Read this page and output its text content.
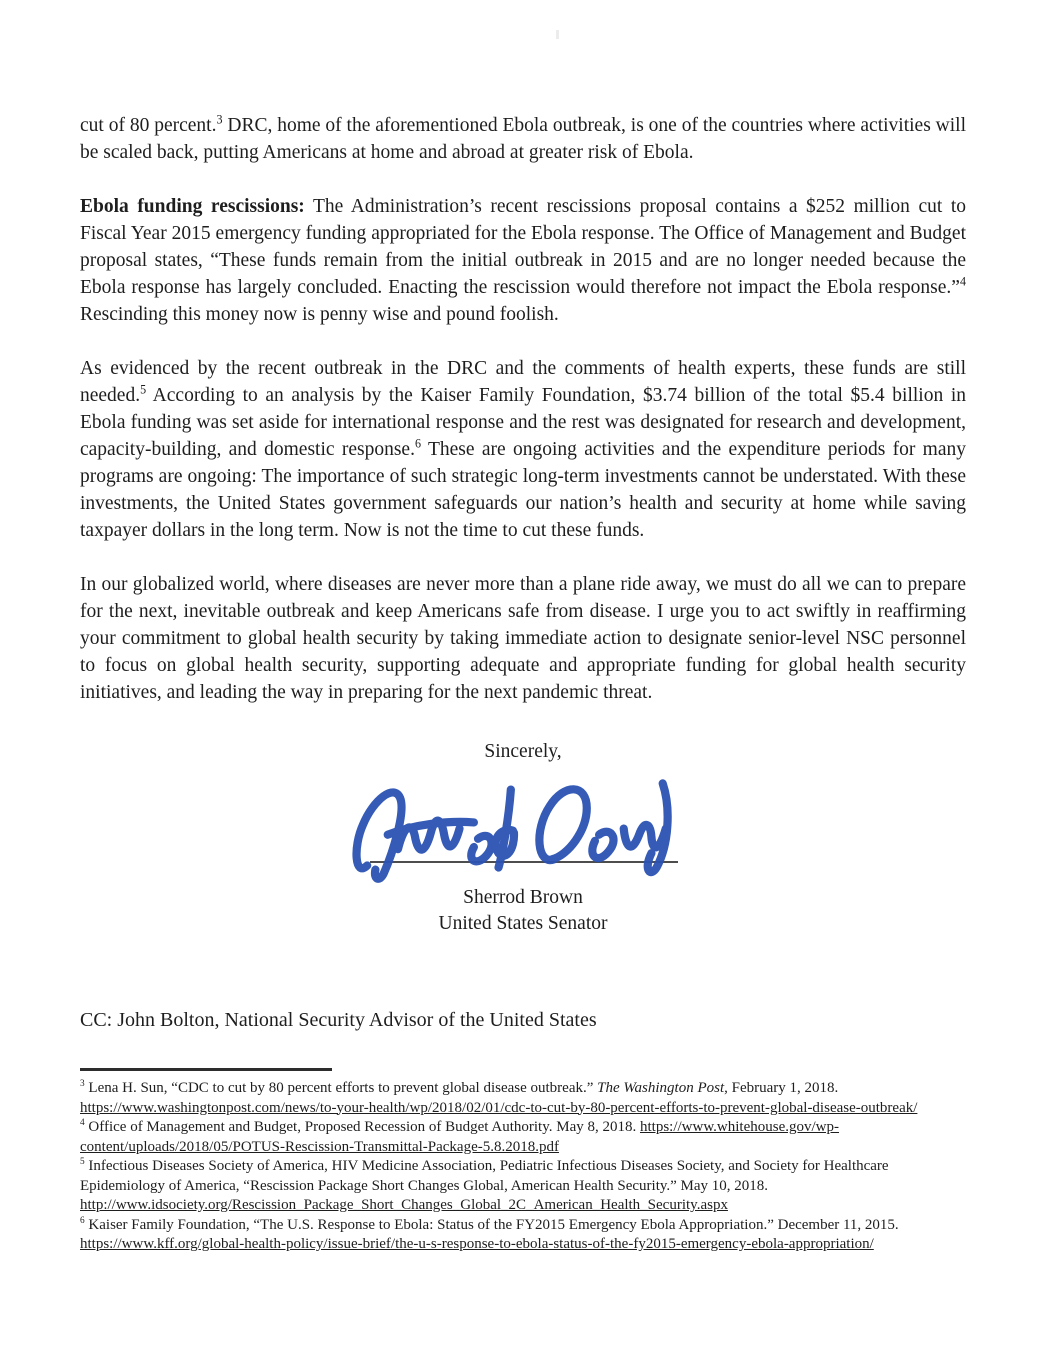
cut of 80 percent.$^3$ DRC, home of the aforementioned Ebola outbreak, is one of the countries where activities will be scaled back, putting Americans at home and abroad at greater risk of Ebola.

Ebola funding rescissions: The Administration’s recent rescissions proposal contains a $252 million cut to Fiscal Year 2015 emergency funding appropriated for the Ebola response. The Office of Management and Budget proposal states, “These funds remain from the initial outbreak in 2015 and are no longer needed because the Ebola response has largely concluded. Enacting the rescission would therefore not impact the Ebola response.”$^4$ Rescinding this money now is penny wise and pound foolish.

As evidenced by the recent outbreak in the DRC and the comments of health experts, these funds are still needed.$^5$ According to an analysis by the Kaiser Family Foundation, $3.74 billion of the total $5.4 billion in Ebola funding was set aside for international response and the rest was designated for research and development, capacity-building, and domestic response.$^6$ These are ongoing activities and the expenditure periods for many programs are ongoing: The importance of such strategic long-term investments cannot be understated. With these investments, the United States government safeguards our nation’s health and security at home while saving taxpayer dollars in the long term. Now is not the time to cut these funds.

In our globalized world, where diseases are never more than a plane ride away, we must do all we can to prepare for the next, inevitable outbreak and keep Americans safe from disease. I urge you to act swiftly in reaffirming your commitment to global health security by taking immediate action to designate senior-level NSC personnel to focus on global health security, supporting adequate and appropriate funding for global health security initiatives, and leading the way in preparing for the next pandemic threat.

Sincerely,
Sherrod Brown
United States Senator

CC: John Bolton, National Security Advisor of the United States

$^3$ Lena H. Sun, “CDC to cut by 80 percent efforts to prevent global disease outbreak.” The Washington Post, February 1, 2018.
https://www.washingtonpost.com/news/to-your-health/wp/2018/02/01/cdc-to-cut-by-80-percent-efforts-to-prevent-global-disease-outbreak/

$^4$ Office of Management and Budget, Proposed Recession of Budget Authority. May 8, 2018. https://www.whitehouse.gov/wp-
content/uploads/2018/05/POTUS-Rescission-Transmittal-Package-5.8.2018.pdf

$^5$ Infectious Diseases Society of America, HIV Medicine Association, Pediatric Infectious Diseases Society, and Society for Healthcare Epidemiology of America, “Rescission Package Short Changes Global, American Health Security.” May 10, 2018.
http://www.idsociety.org/Rescission_Package_Short_Changes_Global_2C_American_Health_Security.aspx

$^6$ Kaiser Family Foundation, “The U.S. Response to Ebola: Status of the FY2015 Emergency Ebola Appropriation.” December 11, 2015.
https://www.kff.org/global-health-policy/issue-brief/the-u-s-response-to-ebola-status-of-the-fy2015-emergency-ebola-appropriation/
